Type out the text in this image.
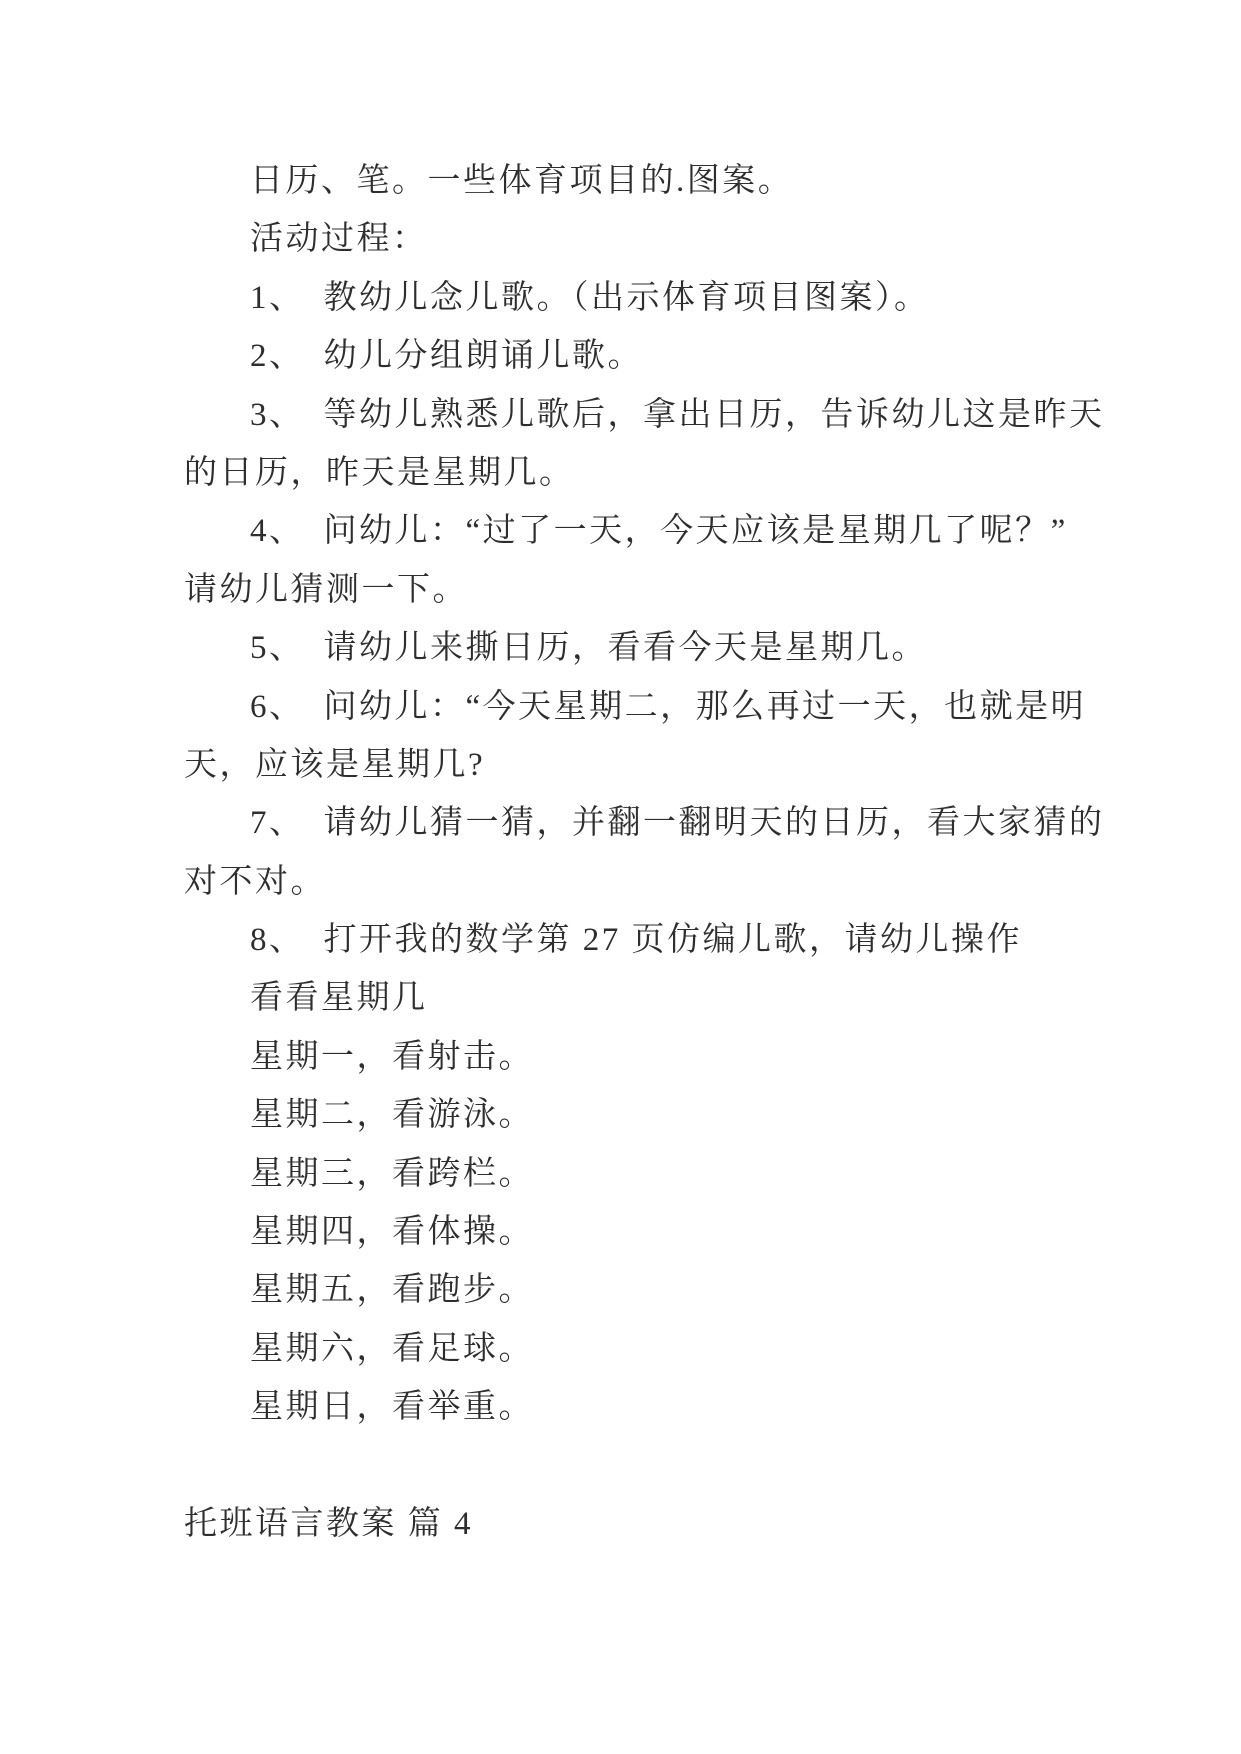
日历、笔。一些体育项目的.图案。
活动过程：
1、　教幼儿念儿歌。（出示体育项目图案）。
2、　幼儿分组朗诵儿歌。
3、　等幼儿熟悉儿歌后，拿出日历，告诉幼儿这是昨天
的日历，昨天是星期几。
4、　问幼儿：“过了一天，今天应该是星期几了呢？”
请幼儿猜测一下。
5、　请幼儿来撕日历，看看今天是星期几。
6、　问幼儿：“今天星期二，那么再过一天，也就是明
天，应该是星期几?
7、　请幼儿猜一猜，并翻一翻明天的日历，看大家猜的
对不对。
8、　打开我的数学第 27 页仿编儿歌，请幼儿操作
看看星期几
星期一，看射击。
星期二，看游泳。
星期三，看跨栏。
星期四，看体操。
星期五，看跑步。
星期六，看足球。
星期日，看举重。
托班语言教案 篇 4
